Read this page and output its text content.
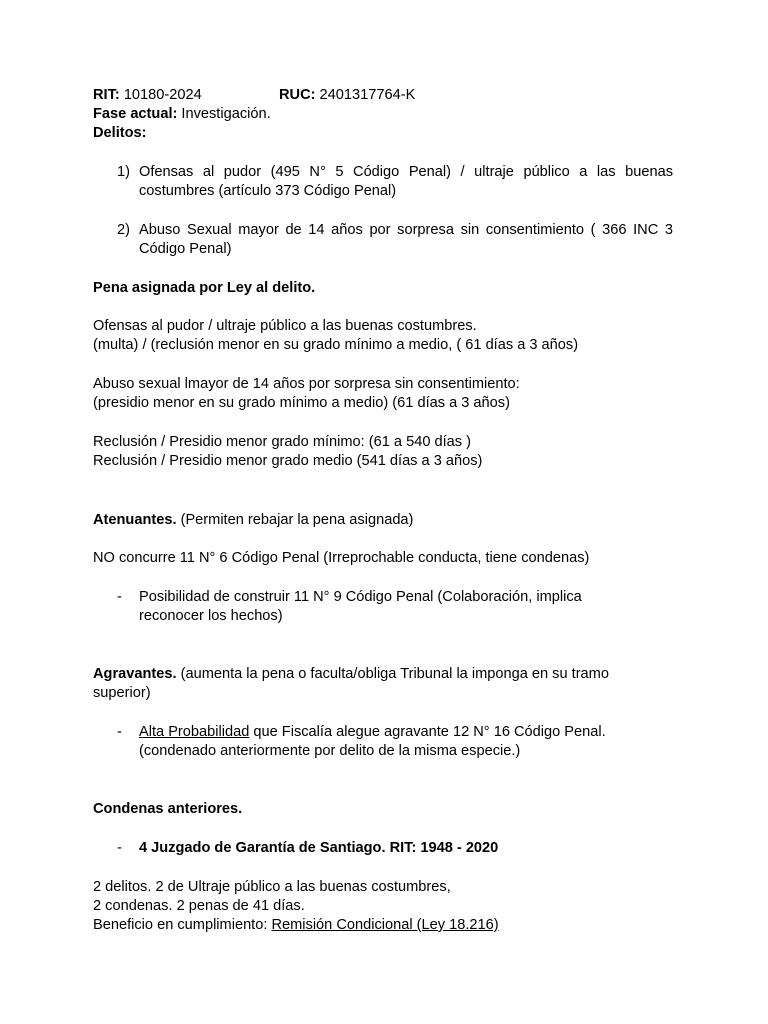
RIT: 10180-2024	RUC: 2401317764-K
Fase actual: Investigación.
Delitos:
1) Ofensas al pudor (495 N° 5 Código Penal) / ultraje público a las buenas
costumbres (artículo 373 Código Penal)
2) Abuso Sexual mayor de 14 años por sorpresa sin consentimiento ( 366 INC 3
Código Penal)
Pena asignada por Ley al delito.
Ofensas al pudor / ultraje público a las buenas costumbres.
(multa) / (reclusión menor en su grado mínimo a medio, ( 61 días a 3 años)
Abuso sexual lmayor de 14 años por sorpresa sin consentimiento:
(presidio menor en su grado mínimo a medio) (61 días a 3 años)
Reclusión / Presidio menor grado mínimo: (61 a 540 días )
Reclusión / Presidio menor grado medio (541 días a 3 años)
Atenuantes. (Permiten rebajar la pena asignada)
NO concurre 11 N° 6 Código Penal (Irreprochable conducta, tiene condenas)
- Posibilidad de construir 11 N° 9 Código Penal (Colaboración, implica
reconocer los hechos)
Agravantes. (aumenta la pena o faculta/obliga Tribunal la imponga en su tramo
superior)
- Alta Probabilidad que Fiscalía alegue agravante 12 N° 16 Código Penal.
(condenado anteriormente por delito de la misma especie.)
Condenas anteriores.
- 4 Juzgado de Garantía de Santiago. RIT: 1948 - 2020
2 delitos. 2 de Ultraje público a las buenas costumbres,
2 condenas. 2 penas de 41 días.
Beneficio en cumplimiento: Remisión Condicional (Ley 18.216)
